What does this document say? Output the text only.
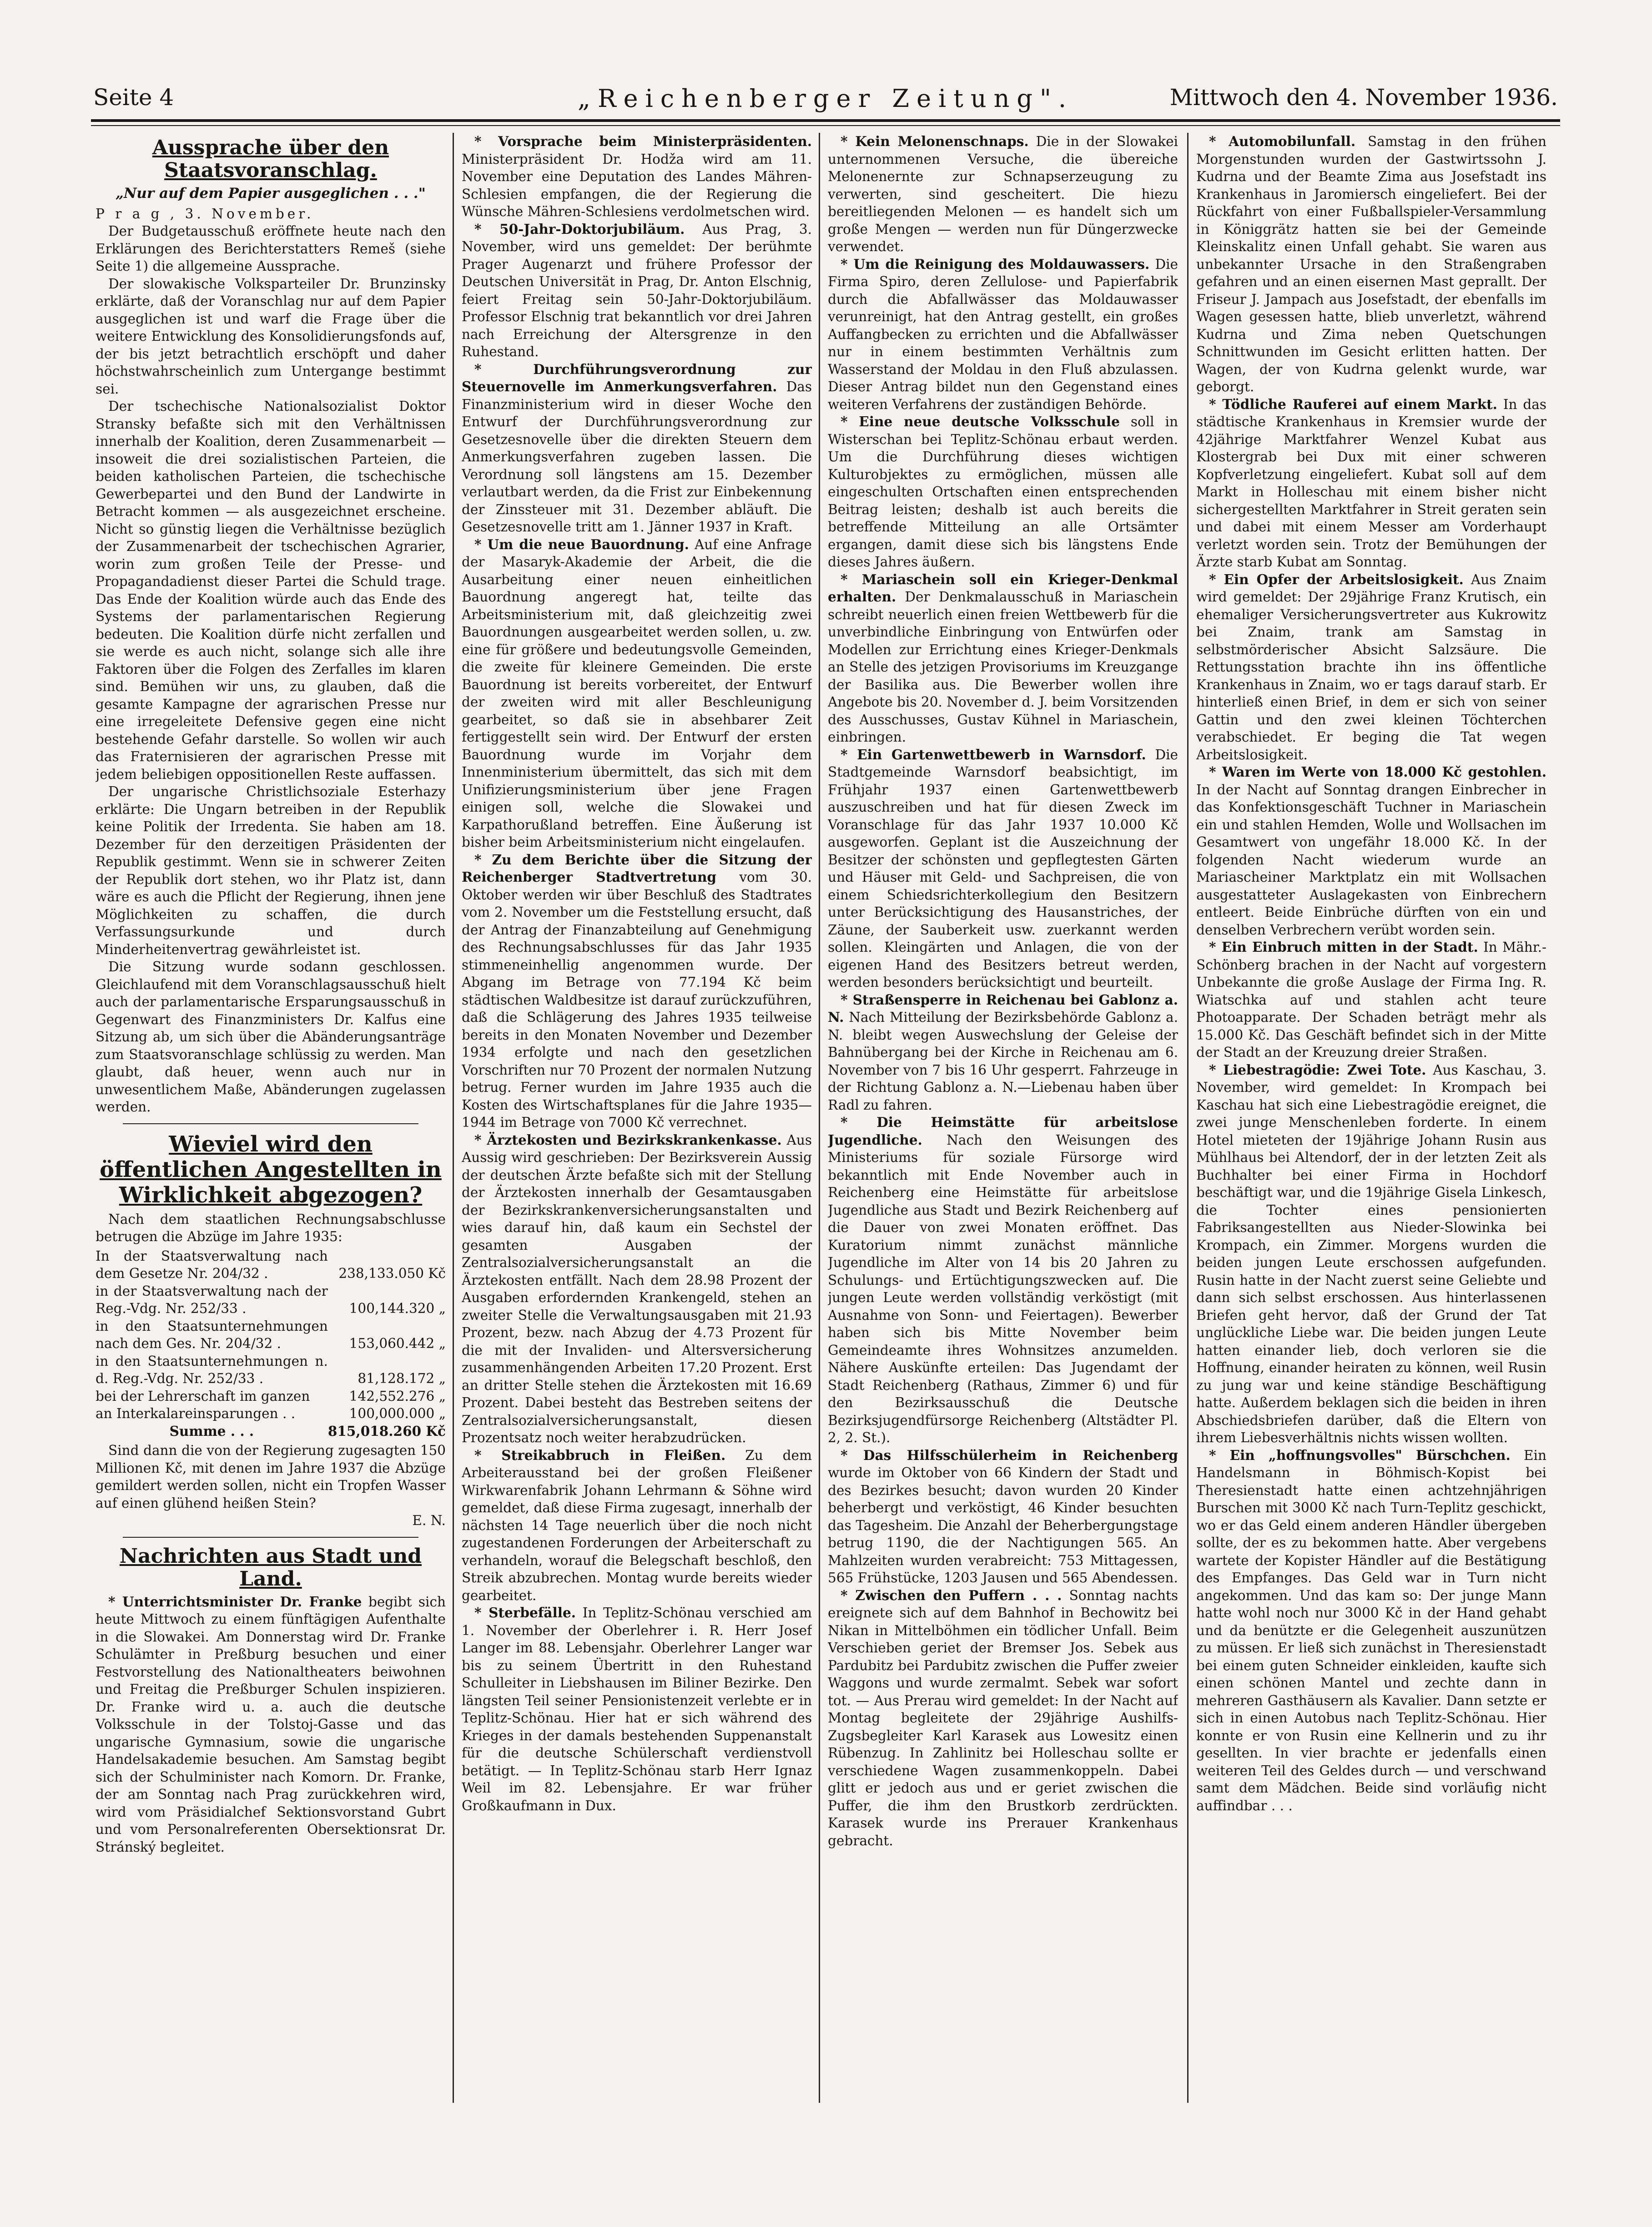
Seite 4	„Reichenberger Zeitung".	Mittwoch den 4. November 1936.
Aussprache über den Staatsvoranschlag.

„Nur auf dem Papier ausgeglichen . . ."

P r a g , 3. November.

Der Budgetausschuß eröffnete heute nach den Erklärungen des Berichterstatters Remeš (siehe Seite 1) die allgemeine Aussprache.

Der slowakische Volksparteiler Dr. Brunzinsky erklärte, daß der Voranschlag nur auf dem Papier ausgeglichen ist und warf die Frage über die weitere Entwicklung des Konsolidierungsfonds auf, der bis jetzt betrachtlich erschöpft und daher höchstwahrscheinlich zum Untergange bestimmt sei.

Der tschechische Nationalsozialist Doktor Stransky befaßte sich mit den Verhältnissen innerhalb der Koalition, deren Zusammenarbeit — insoweit die drei sozialistischen Parteien, die beiden katholischen Parteien, die tschechische Gewerbepartei und den Bund der Landwirte in Betracht kommen — als ausgezeichnet erscheine. Nicht so günstig liegen die Verhältnisse bezüglich der Zusammenarbeit der tschechischen Agrarier, worin zum großen Teile der Presse- und Propagandadienst dieser Partei die Schuld trage. Das Ende der Koalition würde auch das Ende des Systems der parlamentarischen Regierung bedeuten. Die Koalition dürfe nicht zerfallen und sie werde es auch nicht, solange sich alle ihre Faktoren über die Folgen des Zerfalles im klaren sind. Bemühen wir uns, zu glauben, daß die gesamte Kampagne der agrarischen Presse nur eine irregeleitete Defensive gegen eine nicht bestehende Gefahr darstelle. So wollen wir auch das Fraternisieren der agrarischen Presse mit jedem beliebigen oppositionellen Reste auffassen.

Der ungarische Christlichsoziale Esterhazy erklärte: Die Ungarn betreiben in der Republik keine Politik der Irredenta. Sie haben am 18. Dezember für den derzeitigen Präsidenten der Republik gestimmt. Wenn sie in schwerer Zeiten der Republik dort stehen, wo ihr Platz ist, dann wäre es auch die Pflicht der Regierung, ihnen jene Möglichkeiten zu schaffen, die durch Verfassungsurkunde und durch Minderheitenvertrag gewährleistet ist.

Die Sitzung wurde sodann geschlossen. Gleichlaufend mit dem Voranschlagsausschuß hielt auch der parlamentarische Ersparungsausschuß in Gegenwart des Finanzministers Dr. Kalfus eine Sitzung ab, um sich über die Abänderungsanträge zum Staatsvoranschlage schlüssig zu werden. Man glaubt, daß heuer, wenn auch nur in unwesentlichem Maße, Abänderungen zugelassen werden.

Wieviel wird den öffentlichen Angestellten in Wirklichkeit abgezogen?

Nach dem staatlichen Rechnungsabschlusse betrugen die Abzüge im Jahre 1935:

In der Staatsverwaltung nach dem Gesetze Nr. 204/32 .	238,133.050 Kč
in der Staatsverwaltung nach der Reg.-Vdg. Nr. 252/33 .	100,144.320 „
in den Staatsunternehmungen nach dem Ges. Nr. 204/32 .	153,060.442 „
in den Staatsunternehmungen n. d. Reg.-Vdg. Nr. 252/33 .	81,128.172 „
bei der Lehrerschaft im ganzen	142,552.276 „
an Interkalareinsparungen . .	100,000.000 „
Summe . . .	815,018.260 Kč

Sind dann die von der Regierung zugesagten 150 Millionen Kč, mit denen im Jahre 1937 die Abzüge gemildert werden sollen, nicht ein Tropfen Wasser auf einen glühend heißen Stein?

E. N.

Nachrichten aus Stadt und Land.

* Unterrichtsminister Dr. Franke begibt sich heute Mittwoch zu einem fünftägigen Aufenthalte in die Slowakei. Am Donnerstag wird Dr. Franke Schulämter in Preßburg besuchen und einer Festvorstellung des Nationaltheaters beiwohnen und Freitag die Preßburger Schulen inspizieren. Dr. Franke wird u. a. auch die deutsche Volksschule in der Tolstoj-Gasse und das ungarische Gymnasium, sowie die ungarische Handelsakademie besuchen. Am Samstag begibt sich der Schulminister nach Komorn. Dr. Franke, der am Sonntag nach Prag zurückkehren wird, wird vom Präsidialchef Sektionsvorstand Gubrt und vom Personalreferenten Obersektionsrat Dr. Stránský begleitet.

* Vorsprache beim Ministerpräsidenten. Ministerpräsident Dr. Hodža wird am 11. November eine Deputation des Landes Mähren-Schlesien empfangen, die der Regierung die Wünsche Mähren-Schlesiens verdolmetschen wird.

* 50-Jahr-Doktorjubiläum. Aus Prag, 3. November, wird uns gemeldet: Der berühmte Prager Augenarzt und frühere Professor der Deutschen Universität in Prag, Dr. Anton Elschnig, feiert Freitag sein 50-Jahr-Doktorjubiläum. Professor Elschnig trat bekanntlich vor drei Jahren nach Erreichung der Altersgrenze in den Ruhestand.

* Durchführungsverordnung zur Steuernovelle im Anmerkungsverfahren. Das Finanzministerium wird in dieser Woche den Entwurf der Durchführungsverordnung zur Gesetzesnovelle über die direkten Steuern dem Anmerkungsverfahren zugeben lassen. Die Verordnung soll längstens am 15. Dezember verlautbart werden, da die Frist zur Einbekennung der Zinssteuer mit 31. Dezember abläuft. Die Gesetzesnovelle tritt am 1. Jänner 1937 in Kraft.

* Um die neue Bauordnung. Auf eine Anfrage der Masaryk-Akademie der Arbeit, die die Ausarbeitung einer neuen einheitlichen Bauordnung angeregt hat, teilte das Arbeitsministerium mit, daß gleichzeitig zwei Bauordnungen ausgearbeitet werden sollen, u. zw. eine für größere und bedeutungsvolle Gemeinden, die zweite für kleinere Gemeinden. Die erste Bauordnung ist bereits vorbereitet, der Entwurf der zweiten wird mit aller Beschleunigung gearbeitet, so daß sie in absehbarer Zeit fertiggestellt sein wird. Der Entwurf der ersten Bauordnung wurde im Vorjahr dem Innenministerium übermittelt, das sich mit dem Unifizierungsministerium über jene Fragen einigen soll, welche die Slowakei und Karpathorußland betreffen. Eine Äußerung ist bisher beim Arbeitsministerium nicht eingelaufen.

* Zu dem Berichte über die Sitzung der Reichenberger Stadtvertretung vom 30. Oktober werden wir über Beschluß des Stadtrates vom 2. November um die Feststellung ersucht, daß der Antrag der Finanzabteilung auf Genehmigung des Rechnungsabschlusses für das Jahr 1935 stimmeneinhellig angenommen wurde. Der Abgang im Betrage von 77.194 Kč beim städtischen Waldbesitze ist darauf zurückzuführen, daß die Schlägerung des Jahres 1935 teilweise bereits in den Monaten November und Dezember 1934 erfolgte und nach den gesetzlichen Vorschriften nur 70 Prozent der normalen Nutzung betrug. Ferner wurden im Jahre 1935 auch die Kosten des Wirtschaftsplanes für die Jahre 1935—1944 im Betrage von 7000 Kč verrechnet.

* Ärztekosten und Bezirkskrankenkasse. Aus Aussig wird geschrieben: Der Bezirksverein Aussig der deutschen Ärzte befaßte sich mit der Stellung der Ärztekosten innerhalb der Gesamtausgaben der Bezirkskrankenversicherungsanstalten und wies darauf hin, daß kaum ein Sechstel der gesamten Ausgaben der Zentralsozialversicherungsanstalt an die Ärztekosten entfällt. Nach dem 28.98 Prozent der Ausgaben erfordernden Krankengeld, stehen an zweiter Stelle die Verwaltungsausgaben mit 21.93 Prozent, bezw. nach Abzug der 4.73 Prozent für die mit der Invaliden- und Altersversicherung zusammenhängenden Arbeiten 17.20 Prozent. Erst an dritter Stelle stehen die Ärztekosten mit 16.69 Prozent. Dabei besteht das Bestreben seitens der Zentralsozialversicherungsanstalt, diesen Prozentsatz noch weiter herabzudrücken.

* Streikabbruch in Fleißen. Zu dem Arbeiterausstand bei der großen Fleißener Wirkwarenfabrik Johann Lehrmann & Söhne wird gemeldet, daß diese Firma zugesagt, innerhalb der nächsten 14 Tage neuerlich über die noch nicht zugestandenen Forderungen der Arbeiterschaft zu verhandeln, worauf die Belegschaft beschloß, den Streik abzubrechen. Montag wurde bereits wieder gearbeitet.

* Sterbefälle. In Teplitz-Schönau verschied am 1. November der Oberlehrer i. R. Herr Josef Langer im 88. Lebensjahr. Oberlehrer Langer war bis zu seinem Übertritt in den Ruhestand Schulleiter in Liebshausen im Biliner Bezirke. Den längsten Teil seiner Pensionistenzeit verlebte er in Teplitz-Schönau. Hier hat er sich während des Krieges in der damals bestehenden Suppenanstalt für die deutsche Schülerschaft verdienstvoll betätigt. — In Teplitz-Schönau starb Herr Ignaz Weil im 82. Lebensjahre. Er war früher Großkaufmann in Dux.

* Kein Melonenschnaps. Die in der Slowakei unternommenen Versuche, die übereiche Melonenernte zur Schnapserzeugung zu verwerten, sind gescheitert. Die hiezu bereitliegenden Melonen — es handelt sich um große Mengen — werden nun für Düngerzwecke verwendet.

* Um die Reinigung des Moldauwassers. Die Firma Spiro, deren Zellulose- und Papierfabrik durch die Abfallwässer das Moldauwasser verunreinigt, hat den Antrag gestellt, ein großes Auffangbecken zu errichten und die Abfallwässer nur in einem bestimmten Verhältnis zum Wasserstand der Moldau in den Fluß abzulassen. Dieser Antrag bildet nun den Gegenstand eines weiteren Verfahrens der zuständigen Behörde.

* Eine neue deutsche Volksschule soll in Wisterschan bei Teplitz-Schönau erbaut werden. Um die Durchführung dieses wichtigen Kulturobjektes zu ermöglichen, müssen alle eingeschulten Ortschaften einen entsprechenden Beitrag leisten; deshalb ist auch bereits die betreffende Mitteilung an alle Ortsämter ergangen, damit diese sich bis längstens Ende dieses Jahres äußern.

* Mariaschein soll ein Krieger-Denkmal erhalten. Der Denkmalausschuß in Mariaschein schreibt neuerlich einen freien Wettbewerb für die unverbindliche Einbringung von Entwürfen oder Modellen zur Errichtung eines Krieger-Denkmals an Stelle des jetzigen Provisoriums im Kreuzgange der Basilika aus. Die Bewerber wollen ihre Angebote bis 20. November d. J. beim Vorsitzenden des Ausschusses, Gustav Kühnel in Mariaschein, einbringen.

* Ein Gartenwettbewerb in Warnsdorf. Die Stadtgemeinde Warnsdorf beabsichtigt, im Frühjahr 1937 einen Gartenwettbewerb auszuschreiben und hat für diesen Zweck im Voranschlage für das Jahr 1937 10.000 Kč ausgeworfen. Geplant ist die Auszeichnung der Besitzer der schönsten und gepflegtesten Gärten und Häuser mit Geld- und Sachpreisen, die von einem Schiedsrichterkollegium den Besitzern unter Berücksichtigung des Hausanstriches, der Zäune, der Sauberkeit usw. zuerkannt werden sollen. Kleingärten und Anlagen, die von der eigenen Hand des Besitzers betreut werden, werden besonders berücksichtigt und beurteilt.

* Straßensperre in Reichenau bei Gablonz a. N. Nach Mitteilung der Bezirksbehörde Gablonz a. N. bleibt wegen Auswechslung der Geleise der Bahnübergang bei der Kirche in Reichenau am 6. November von 7 bis 16 Uhr gesperrt. Fahrzeuge in der Richtung Gablonz a. N.—Liebenau haben über Radl zu fahren.

* Die Heimstätte für arbeitslose Jugendliche. Nach den Weisungen des Ministeriums für soziale Fürsorge wird bekanntlich mit Ende November auch in Reichenberg eine Heimstätte für arbeitslose Jugendliche aus Stadt und Bezirk Reichenberg auf die Dauer von zwei Monaten eröffnet. Das Kuratorium nimmt zunächst männliche Jugendliche im Alter von 14 bis 20 Jahren zu Schulungs- und Ertüchtigungszwecken auf. Die jungen Leute werden vollständig verköstigt (mit Ausnahme von Sonn- und Feiertagen). Bewerber haben sich bis Mitte November beim Gemeindeamte ihres Wohnsitzes anzumelden. Nähere Auskünfte erteilen: Das Jugendamt der Stadt Reichenberg (Rathaus, Zimmer 6) und für den Bezirksausschuß die Deutsche Bezirksjugendfürsorge Reichenberg (Altstädter Pl. 2, 2. St.).

* Das Hilfsschülerheim in Reichenberg wurde im Oktober von 66 Kindern der Stadt und des Bezirkes besucht; davon wurden 20 Kinder beherbergt und verköstigt, 46 Kinder besuchten das Tagesheim. Die Anzahl der Beherbergungstage betrug 1190, die der Nachtigungen 565. An Mahlzeiten wurden verabreicht: 753 Mittagessen, 565 Frühstücke, 1203 Jausen und 565 Abendessen.

* Zwischen den Puffern . . . Sonntag nachts ereignete sich auf dem Bahnhof in Bechowitz bei Nikan in Mittelböhmen ein tödlicher Unfall. Beim Verschieben geriet der Bremser Jos. Sebek aus Pardubitz bei Pardubitz zwischen die Puffer zweier Waggons und wurde zermalmt. Sebek war sofort tot. — Aus Prerau wird gemeldet: In der Nacht auf Montag begleitete der 29jährige Aushilfs-Zugsbegleiter Karl Karasek aus Lowesitz einen Rübenzug. In Zahlinitz bei Holleschau sollte er verschiedene Wagen zusammenkoppeln. Dabei glitt er jedoch aus und er geriet zwischen die Puffer, die ihm den Brustkorb zerdrückten. Karasek wurde ins Prerauer Krankenhaus gebracht.

* Automobilunfall. Samstag in den frühen Morgenstunden wurden der Gastwirtssohn J. Kudrna und der Beamte Zima aus Josefstadt ins Krankenhaus in Jaromiersch eingeliefert. Bei der Rückfahrt von einer Fußballspieler-Versammlung in Königgrätz hatten sie bei der Gemeinde Kleinskalitz einen Unfall gehabt. Sie waren aus unbekannter Ursache in den Straßengraben gefahren und an einen eisernen Mast geprallt. Der Friseur J. Jampach aus Josefstadt, der ebenfalls im Wagen gesessen hatte, blieb unverletzt, während Kudrna und Zima neben Quetschungen Schnittwunden im Gesicht erlitten hatten. Der Wagen, der von Kudrna gelenkt wurde, war geborgt.

* Tödliche Rauferei auf einem Markt. In das städtische Krankenhaus in Kremsier wurde der 42jährige Marktfahrer Wenzel Kubat aus Klostergrab bei Dux mit einer schweren Kopfverletzung eingeliefert. Kubat soll auf dem Markt in Holleschau mit einem bisher nicht sichergestellten Marktfahrer in Streit geraten sein und dabei mit einem Messer am Vorderhaupt verletzt worden sein. Trotz der Bemühungen der Ärzte starb Kubat am Sonntag.

* Ein Opfer der Arbeitslosigkeit. Aus Znaim wird gemeldet: Der 29jährige Franz Krutisch, ein ehemaliger Versicherungsvertreter aus Kukrowitz bei Znaim, trank am Samstag in selbstmörderischer Absicht Salzsäure. Die Rettungsstation brachte ihn ins öffentliche Krankenhaus in Znaim, wo er tags darauf starb. Er hinterließ einen Brief, in dem er sich von seiner Gattin und den zwei kleinen Töchterchen verabschiedet. Er beging die Tat wegen Arbeitslosigkeit.

* Waren im Werte von 18.000 Kč gestohlen. In der Nacht auf Sonntag drangen Einbrecher in das Konfektionsgeschäft Tuchner in Mariaschein ein und stahlen Hemden, Wolle und Wollsachen im Gesamtwert von ungefähr 18.000 Kč. In der folgenden Nacht wiederum wurde an Mariascheiner Marktplatz ein mit Wollsachen ausgestatteter Auslagekasten von Einbrechern entleert. Beide Einbrüche dürften von ein und denselben Verbrechern verübt worden sein.

* Ein Einbruch mitten in der Stadt. In Mähr.-Schönberg brachen in der Nacht auf vorgestern Unbekannte die große Auslage der Firma Ing. R. Wiatschka auf und stahlen acht teure Photoapparate. Der Schaden beträgt mehr als 15.000 Kč. Das Geschäft befindet sich in der Mitte der Stadt an der Kreuzung dreier Straßen.

* Liebestragödie: Zwei Tote. Aus Kaschau, 3. November, wird gemeldet: In Krompach bei Kaschau hat sich eine Liebestragödie ereignet, die zwei junge Menschenleben forderte. In einem Hotel mieteten der 19jährige Johann Rusin aus Mühlhaus bei Altendorf, der in der letzten Zeit als Buchhalter bei einer Firma in Hochdorf beschäftigt war, und die 19jährige Gisela Linkesch, die Tochter eines pensionierten Fabriksangestellten aus Nieder-Slowinka bei Krompach, ein Zimmer. Morgens wurden die beiden jungen Leute erschossen aufgefunden. Rusin hatte in der Nacht zuerst seine Geliebte und dann sich selbst erschossen. Aus hinterlassenen Briefen geht hervor, daß der Grund der Tat unglückliche Liebe war. Die beiden jungen Leute hatten einander lieb, doch verloren sie die Hoffnung, einander heiraten zu können, weil Rusin zu jung war und keine ständige Beschäftigung hatte. Außerdem beklagen sich die beiden in ihren Abschiedsbriefen darüber, daß die Eltern von ihrem Liebesverhältnis nichts wissen wollten.

* Ein „hoffnungsvolles" Bürschchen. Ein Handelsmann in Böhmisch-Kopist bei Theresienstadt hatte einen achtzehnjährigen Burschen mit 3000 Kč nach Turn-Teplitz geschickt, wo er das Geld einem anderen Händler übergeben sollte, der es zu bekommen hatte. Aber vergebens wartete der Kopister Händler auf die Bestätigung des Empfanges. Das Geld war in Turn nicht angekommen. Und das kam so: Der junge Mann hatte wohl noch nur 3000 Kč in der Hand gehabt und da benützte er die Gelegenheit auszunützen zu müssen. Er ließ sich zunächst in Theresienstadt bei einem guten Schneider einkleiden, kaufte sich einen schönen Mantel und zechte dann in mehreren Gasthäusern als Kavalier. Dann setzte er sich in einen Autobus nach Teplitz-Schönau. Hier konnte er von Rusin eine Kellnerin und zu ihr gesellten. In vier brachte er jedenfalls einen weiteren Teil des Geldes durch — und verschwand samt dem Mädchen. Beide sind vorläufig nicht auffindbar . . .
